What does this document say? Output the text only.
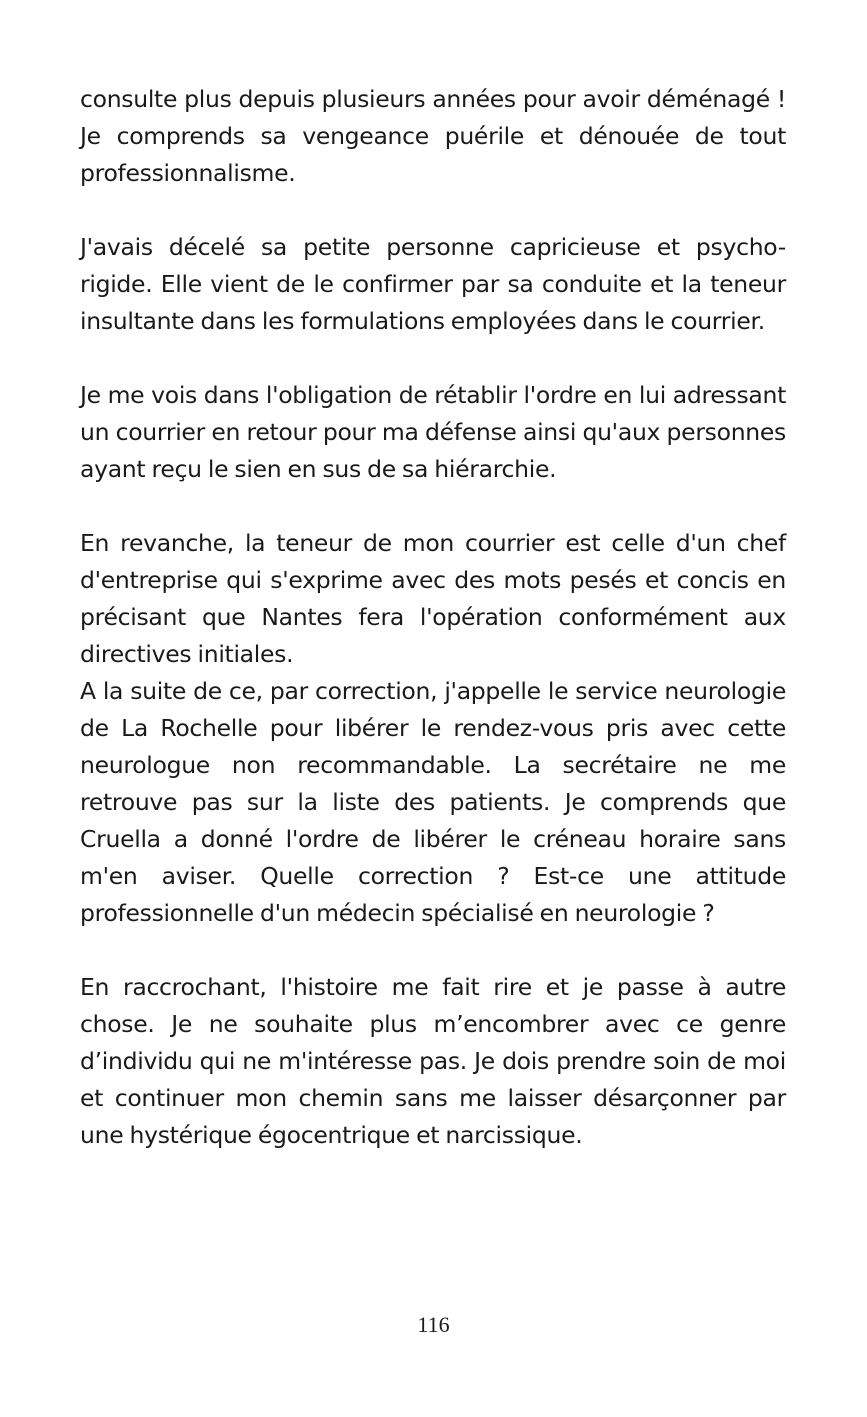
consulte plus depuis plusieurs années pour avoir déménagé ! Je comprends sa vengeance puérile et dénouée de tout professionnalisme.

J'avais décelé sa petite personne capricieuse et psycho-rigide. Elle vient de le confirmer par sa conduite et la teneur insultante dans les formulations employées dans le courrier.

Je me vois dans l'obligation de rétablir l'ordre en lui adressant un courrier en retour pour ma défense ainsi qu'aux personnes ayant reçu le sien en sus de sa hiérarchie.

En revanche, la teneur de mon courrier est celle d'un chef d'entreprise qui s'exprime avec des mots pesés et concis en précisant que Nantes fera l'opération conformément aux directives initiales.

A la suite de ce, par correction, j'appelle le service neurologie de La Rochelle pour libérer le rendez-vous pris avec cette neurologue non recommandable. La secrétaire ne me retrouve pas sur la liste des patients. Je comprends que Cruella a donné l'ordre de libérer le créneau horaire sans m'en aviser. Quelle correction ? Est-ce une attitude professionnelle d'un médecin spécialisé en neurologie ?

En raccrochant, l'histoire me fait rire et je passe à autre chose. Je ne souhaite plus m’encombrer avec ce genre d’individu qui ne m'intéresse pas. Je dois prendre soin de moi et continuer mon chemin sans me laisser désarçonner par une hystérique égocentrique et narcissique.

116
